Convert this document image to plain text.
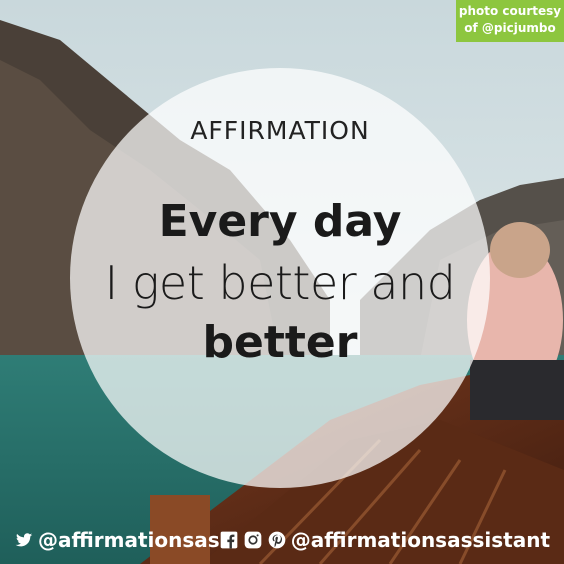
photo courtesy
of @picjumbo
AFFIRMATION
Every day
I get better and
better
@affirmationsas	@affirmationsassistant
